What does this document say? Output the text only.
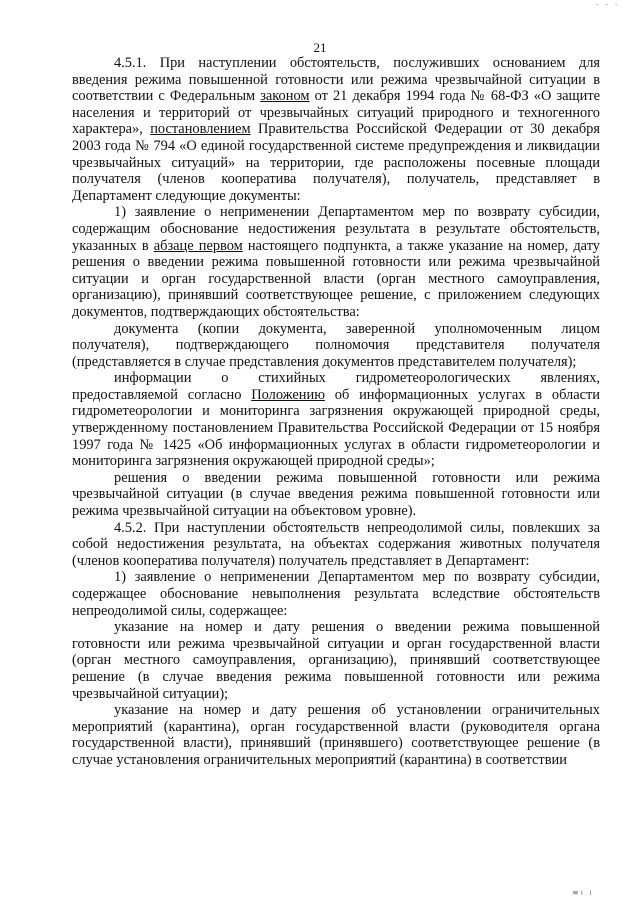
- - -
21

4.5.1. При наступлении обстоятельств, послуживших основанием для введения режима повышенной готовности или режима чрезвычайной ситуации в соответствии с Федеральным законом от 21 декабря 1994 года № 68-ФЗ «О защите населения и территорий от чрезвычайных ситуаций природного и техногенного характера», постановлением Правительства Российской Федерации от 30 декабря 2003 года № 794 «О единой государственной системе предупреждения и ликвидации чрезвычайных ситуаций» на территории, где расположены посевные площади получателя (членов кооператива получателя), получатель, представляет в Департамент следующие документы:

1) заявление о неприменении Департаментом мер по возврату субсидии, содержащим обоснование недостижения результата в результате обстоятельств, указанных в абзаце первом настоящего подпункта, а также указание на номер, дату решения о введении режима повышенной готовности или режима чрезвычайной ситуации и орган государственной власти (орган местного самоуправления, организацию), принявший соответствующее решение, с приложением следующих документов, подтверждающих обстоятельства:

документа (копии документа, заверенной уполномоченным лицом получателя), подтверждающего полномочия представителя получателя (представляется в случае представления документов представителем получателя);

информации о стихийных гидрометеорологических явлениях, предоставляемой согласно Положению об информационных услугах в области гидрометеорологии и мониторинга загрязнения окружающей природной среды, утвержденному постановлением Правительства Российской Федерации от 15 ноября 1997 года № 1425 «Об информационных услугах в области гидрометеорологии и мониторинга загрязнения окружающей природной среды»;

решения о введении режима повышенной готовности или режима чрезвычайной ситуации (в случае введения режима повышенной готовности или режима чрезвычайной ситуации на объектовом уровне).

4.5.2. При наступлении обстоятельств непреодолимой силы, повлекших за собой недостижения результата, на объектах содержания животных получателя (членов кооператива получателя) получатель представляет в Департамент:

1) заявление о неприменении Департаментом мер по возврату субсидии, содержащее обоснование невыполнения результата вследствие обстоятельств непреодолимой силы, содержащее:

указание на номер и дату решения о введении режима повышенной готовности или режима чрезвычайной ситуации и орган государственной власти (орган местного самоуправления, организацию), принявший соответствующее решение (в случае введения режима повышенной готовности или режима чрезвычайной ситуации);

указание на номер и дату решения об установлении ограничительных мероприятий (карантина), орган государственной власти (руководителя органа государственной власти), принявший (принявшего) соответствующее решение (в случае установления ограничительных мероприятий (карантина) в соответствии

≡ı ı
